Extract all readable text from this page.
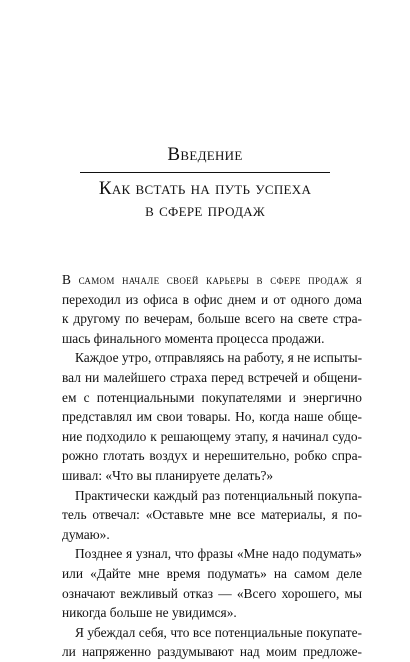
Введение
Как встать на путь успеха
в сфере продаж
В самом начале своей карьеры в сфере продаж я
переходил из офиса в офис днем и от одного дома
к другому по вечерам, больше всего на свете стра-
шась финального момента процесса продажи.
Каждое утро, отправляясь на работу, я не испыты-
вал ни малейшего страха перед встречей и общени-
ем с потенциальными покупателями и энергично
представлял им свои товары. Но, когда наше обще-
ние подходило к решающему этапу, я начинал судо-
рожно глотать воздух и нерешительно, робко спра-
шивал: «Что вы планируете делать?»
Практически каждый раз потенциальный покупа-
тель отвечал: «Оставьте мне все материалы, я по-
думаю».
Позднее я узнал, что фразы «Мне надо подумать»
или «Дайте мне время подумать» на самом деле
означают вежливый отказ — «Всего хорошего, мы
никогда больше не увидимся».
Я убеждал себя, что все потенциальные покупате-
ли напряженно раздумывают над моим предложе-
